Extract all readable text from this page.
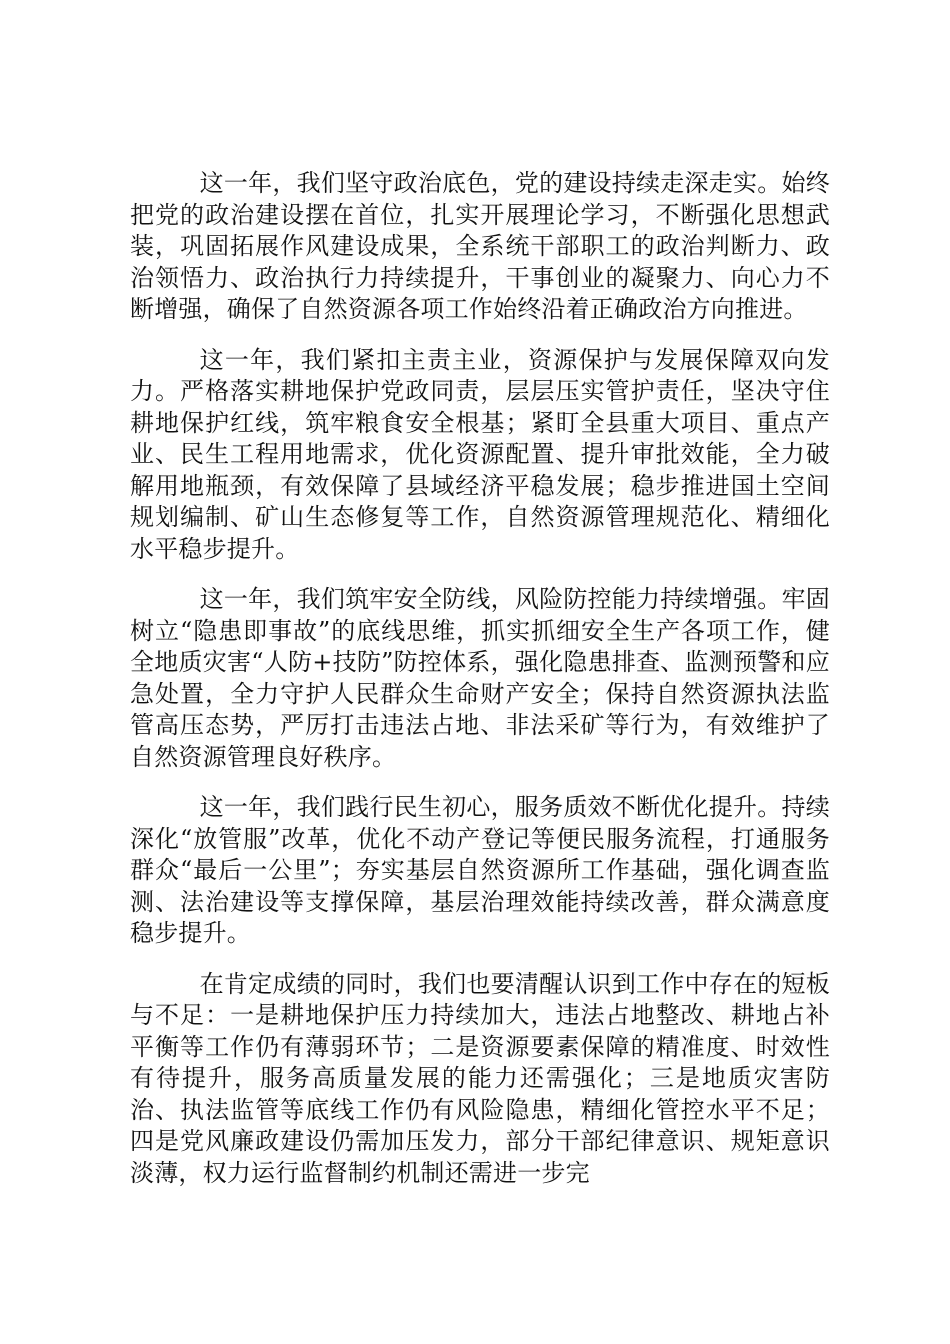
这一年，我们坚守政治底色，党的建设持续走深走实。始终把党的政治建设摆在首位，扎实开展理论学习，不断强化思想武装，巩固拓展作风建设成果，全系统干部职工的政治判断力、政治领悟力、政治执行力持续提升，干事创业的凝聚力、向心力不断增强，确保了自然资源各项工作始终沿着正确政治方向推进。

这一年，我们紧扣主责主业，资源保护与发展保障双向发力。严格落实耕地保护党政同责，层层压实管护责任，坚决守住耕地保护红线，筑牢粮食安全根基；紧盯全县重大项目、重点产业、民生工程用地需求，优化资源配置、提升审批效能，全力破解用地瓶颈，有效保障了县域经济平稳发展；稳步推进国土空间规划编制、矿山生态修复等工作，自然资源管理规范化、精细化水平稳步提升。

这一年，我们筑牢安全防线，风险防控能力持续增强。牢固树立“隐患即事故”的底线思维，抓实抓细安全生产各项工作，健全地质灾害“人防+技防”防控体系，强化隐患排查、监测预警和应急处置，全力守护人民群众生命财产安全；保持自然资源执法监管高压态势，严厉打击违法占地、非法采矿等行为，有效维护了自然资源管理良好秩序。

这一年，我们践行民生初心，服务质效不断优化提升。持续深化“放管服”改革，优化不动产登记等便民服务流程，打通服务群众“最后一公里”；夯实基层自然资源所工作基础，强化调查监测、法治建设等支撑保障，基层治理效能持续改善，群众满意度稳步提升。

在肯定成绩的同时，我们也要清醒认识到工作中存在的短板与不足：一是耕地保护压力持续加大，违法占地整改、耕地占补平衡等工作仍有薄弱环节；二是资源要素保障的精准度、时效性有待提升，服务高质量发展的能力还需强化；三是地质灾害防治、执法监管等底线工作仍有风险隐患，精细化管控水平不足；四是党风廉政建设仍需加压发力，部分干部纪律意识、规矩意识淡薄，权力运行监督制约机制还需进一步完
